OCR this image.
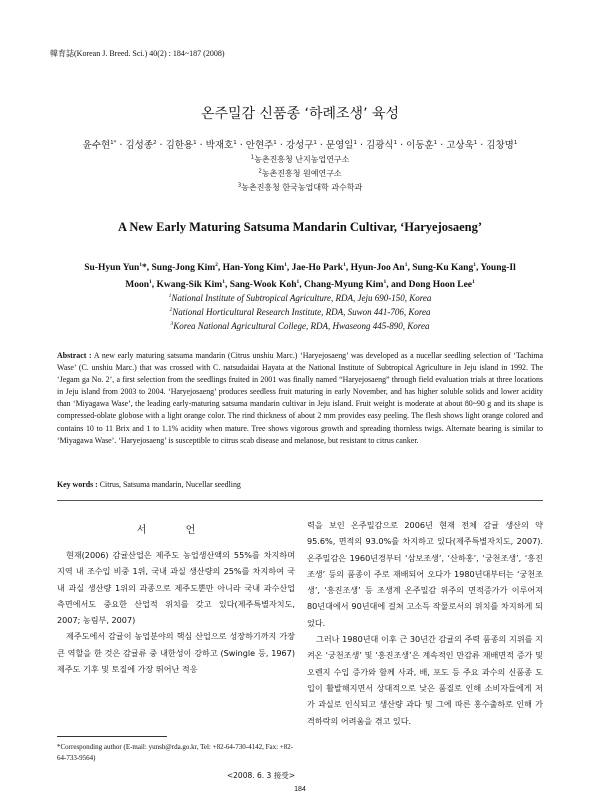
韓育誌(Korean J. Breed. Sci.) 40(2) : 184~187 (2008)
온주밀감 신품종 ‘하례조생’ 육성
윤수현$^{1*}$ · 김성종$^2$ · 김한용$^1$ · 박재호$^1$ · 안현주$^1$ · 강성구$^1$ · 문영일$^1$ · 김광식$^1$ · 이동훈$^1$ · 고상욱$^1$ · 김창명$^1$
$^1$농촌진흥청 난지농업연구소
$^2$농촌진흥청 원예연구소
$^3$농촌진흥청 한국농업대학 과수학과
A New Early Maturing Satsuma Mandarin Cultivar, ‘Haryejosaeng’
Su-Hyun Yun$^1$*, Sung-Jong Kim$^2$, Han-Yong Kim$^1$, Jae-Ho Park$^1$, Hyun-Joo An$^1$, Sung-Ku Kang$^1$, Young-Il
Moon$^1$, Kwang-Sik Kim$^1$, Sang-Wook Koh$^1$, Chang-Myung Kim$^1$, and Dong Hoon Lee$^1$
$^1$National Institute of Subtropical Agriculture, RDA, Jeju 690-150, Korea
$^2$National Horticultural Research Institute, RDA, Suwon 441-706, Korea
$^3$Korea National Agricultural College, RDA, Hwaseong 445-890, Korea
Abstract : A new early maturing satsuma mandarin (Citrus unshiu Marc.) ‘Haryejosaeng’ was developed as a nucellar seedling selection of ‘Tachima Wase’ (C. unshiu Marc.) that was crossed with C. natsudaidai Hayata at the National Institute of Subtropical Agriculture in Jeju island in 1992. The ‘Jegam ga No. 2’, a first selection from the seedlings fruited in 2001 was finally named “Haryejosaeng” through field evaluation trials at three locations in Jeju island from 2003 to 2004. ‘Haryejosaeng’ produces seedless fruit maturing in early November, and has higher soluble solids and lower acidity than ‘Miyagawa Wase’, the leading early-maturing satsuma mandarin cultivar in Jeju island. Fruit weight is moderate at about 80~90 g and its shape is compressed-oblate globose with a light orange color. The rind thickness of about 2 mm provides easy peeling. The flesh shows light orange colored and contains 10 to 11 Brix and 1 to 1.1% acidity when mature. Tree shows vigorous growth and spreading thornless twigs. Alternate bearing is similar to ‘Miyagawa Wase’. ‘Haryejosaeng’ is susceptible to citrus scab disease and melanose, but resistant to citrus canker.
Key words : Citrus, Satsuma mandarin, Nucellar seedling
서 언

현재(2006) 감귤산업은 제주도 농업생산액의 55%를 차지하며 지역 내 조수입 비중 1위, 국내 과실 생산량의 25%를 차지하여 국내 과실 생산량 1위의 과종으로 제주도뿐만 아니라 국내 과수산업 측면에서도 중요한 산업적 위치를 갖고 있다(제주특별자치도, 2007; 농림부, 2007)

제주도에서 감귤이 농업분야의 핵심 산업으로 성장하기까지 가장 큰 역할을 한 것은 감귤류 중 내한성이 강하고 (Swingle 등, 1967) 제주도 기후 및 토질에 가장 뛰어난 적응

력을 보인 온주밀감으로 2006년 현재 전체 감귤 생산의 약 95.6%, 면적의 93.0%를 차지하고 있다(제주특별자치도, 2007). 온주밀감은 1960년경부터 ‘삼보조생’, ‘산하홍’, ‘궁천조생’, ‘흥진조생’ 등의 품종이 주로 재배되어 오다가 1980년대부터는 ‘궁천조생’, ‘흥진조생’ 등 조생계 온주밀감 위주의 면적증가가 이루어져 80년대에서 90년대에 걸쳐 고소득 작물로서의 위치를 차지하게 되었다.

그러나 1980년대 이후 근 30년간 감귤의 주력 품종의 지위를 지켜온 ‘궁천조생’ 및 ‘흥진조생’은 계속적인 만감류 재배면적 증가 및 오렌지 수입 증가와 함께 사과, 배, 포도 등 주요 과수의 신품종 도입이 활발해지면서 상대적으로 낮은 품질로 인해 소비자들에게 저가 과실로 인식되고 생산량 과다 및 그에 따른 홍수출하로 인해 가격하락의 어려움을 겪고 있다.

*Corresponding author (E-mail: yunsh@rda.go.kr, Tel: +82-64-730-4142, Fax: +82-64-733-9564)
<2008. 6. 3 接受>
184
